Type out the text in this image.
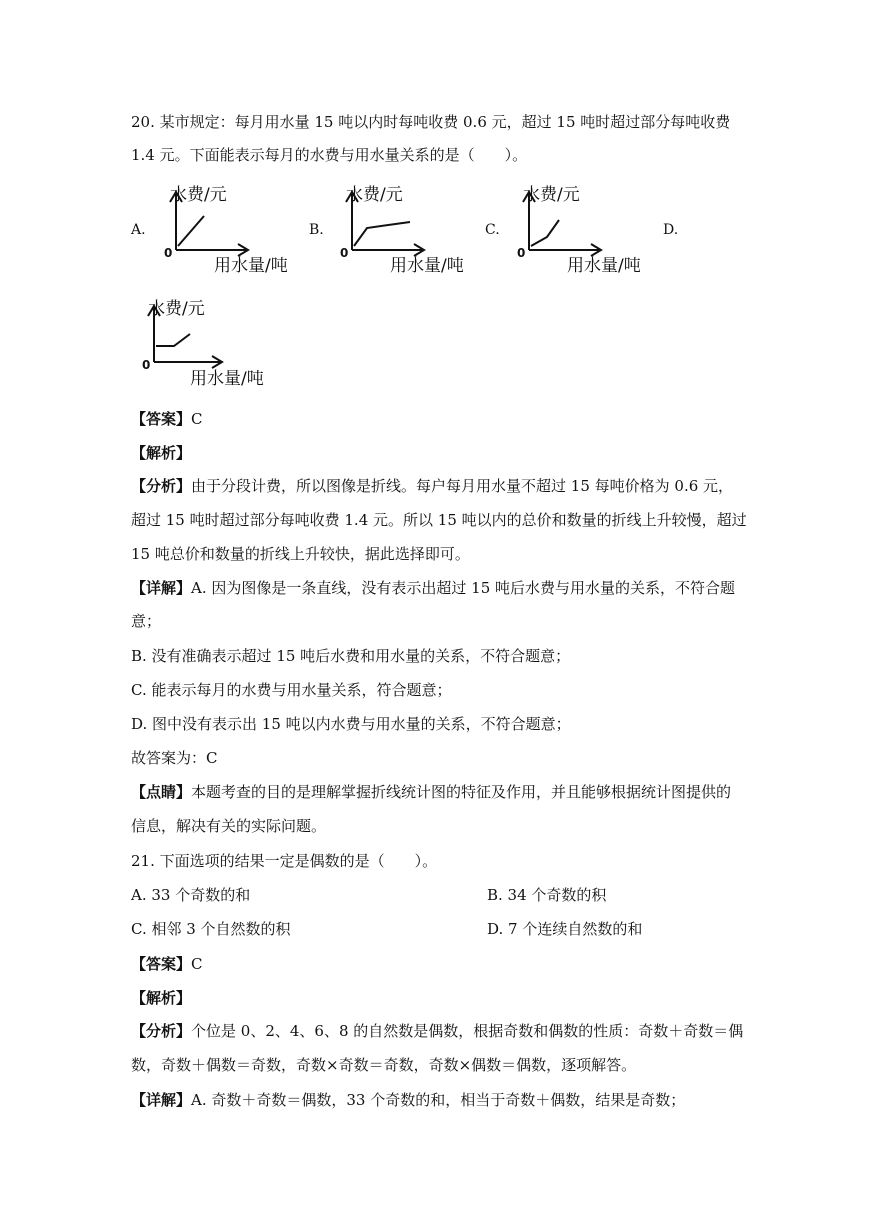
20. 某市规定：每月用水量 15 吨以内时每吨收费 0.6 元，超过 15 吨时超过部分每吨收费
1.4 元。下面能表示每月的水费与用水量关系的是（　　）。
A.
水费/元
0
用水量/吨
B.
水费/元
0
用水量/吨
C.
水费/元
0
用水量/吨
D.
水费/元
0
用水量/吨
【答案】C
【解析】
【分析】由于分段计费，所以图像是折线。每户每月用水量不超过 15 每吨价格为 0.6 元，
超过 15 吨时超过部分每吨收费 1.4 元。所以 15 吨以内的总价和数量的折线上升较慢，超过
15 吨总价和数量的折线上升较快，据此选择即可。
【详解】A. 因为图像是一条直线，没有表示出超过 15 吨后水费与用水量的关系，不符合题
意；
B. 没有准确表示超过 15 吨后水费和用水量的关系，不符合题意；
C. 能表示每月的水费与用水量关系，符合题意；
D. 图中没有表示出 15 吨以内水费与用水量的关系，不符合题意；
故答案为：C
【点睛】本题考查的目的是理解掌握折线统计图的特征及作用，并且能够根据统计图提供的
信息，解决有关的实际问题。
21. 下面选项的结果一定是偶数的是（　　）。
A. 33 个奇数的和	B. 34 个奇数的积
C. 相邻 3 个自然数的积	D. 7 个连续自然数的和
【答案】C
【解析】
【分析】个位是 0、2、4、6、8 的自然数是偶数，根据奇数和偶数的性质：奇数＋奇数＝偶
数，奇数＋偶数＝奇数，奇数×奇数＝奇数，奇数×偶数＝偶数，逐项解答。
【详解】A. 奇数＋奇数＝偶数，33 个奇数的和，相当于奇数＋偶数，结果是奇数；
